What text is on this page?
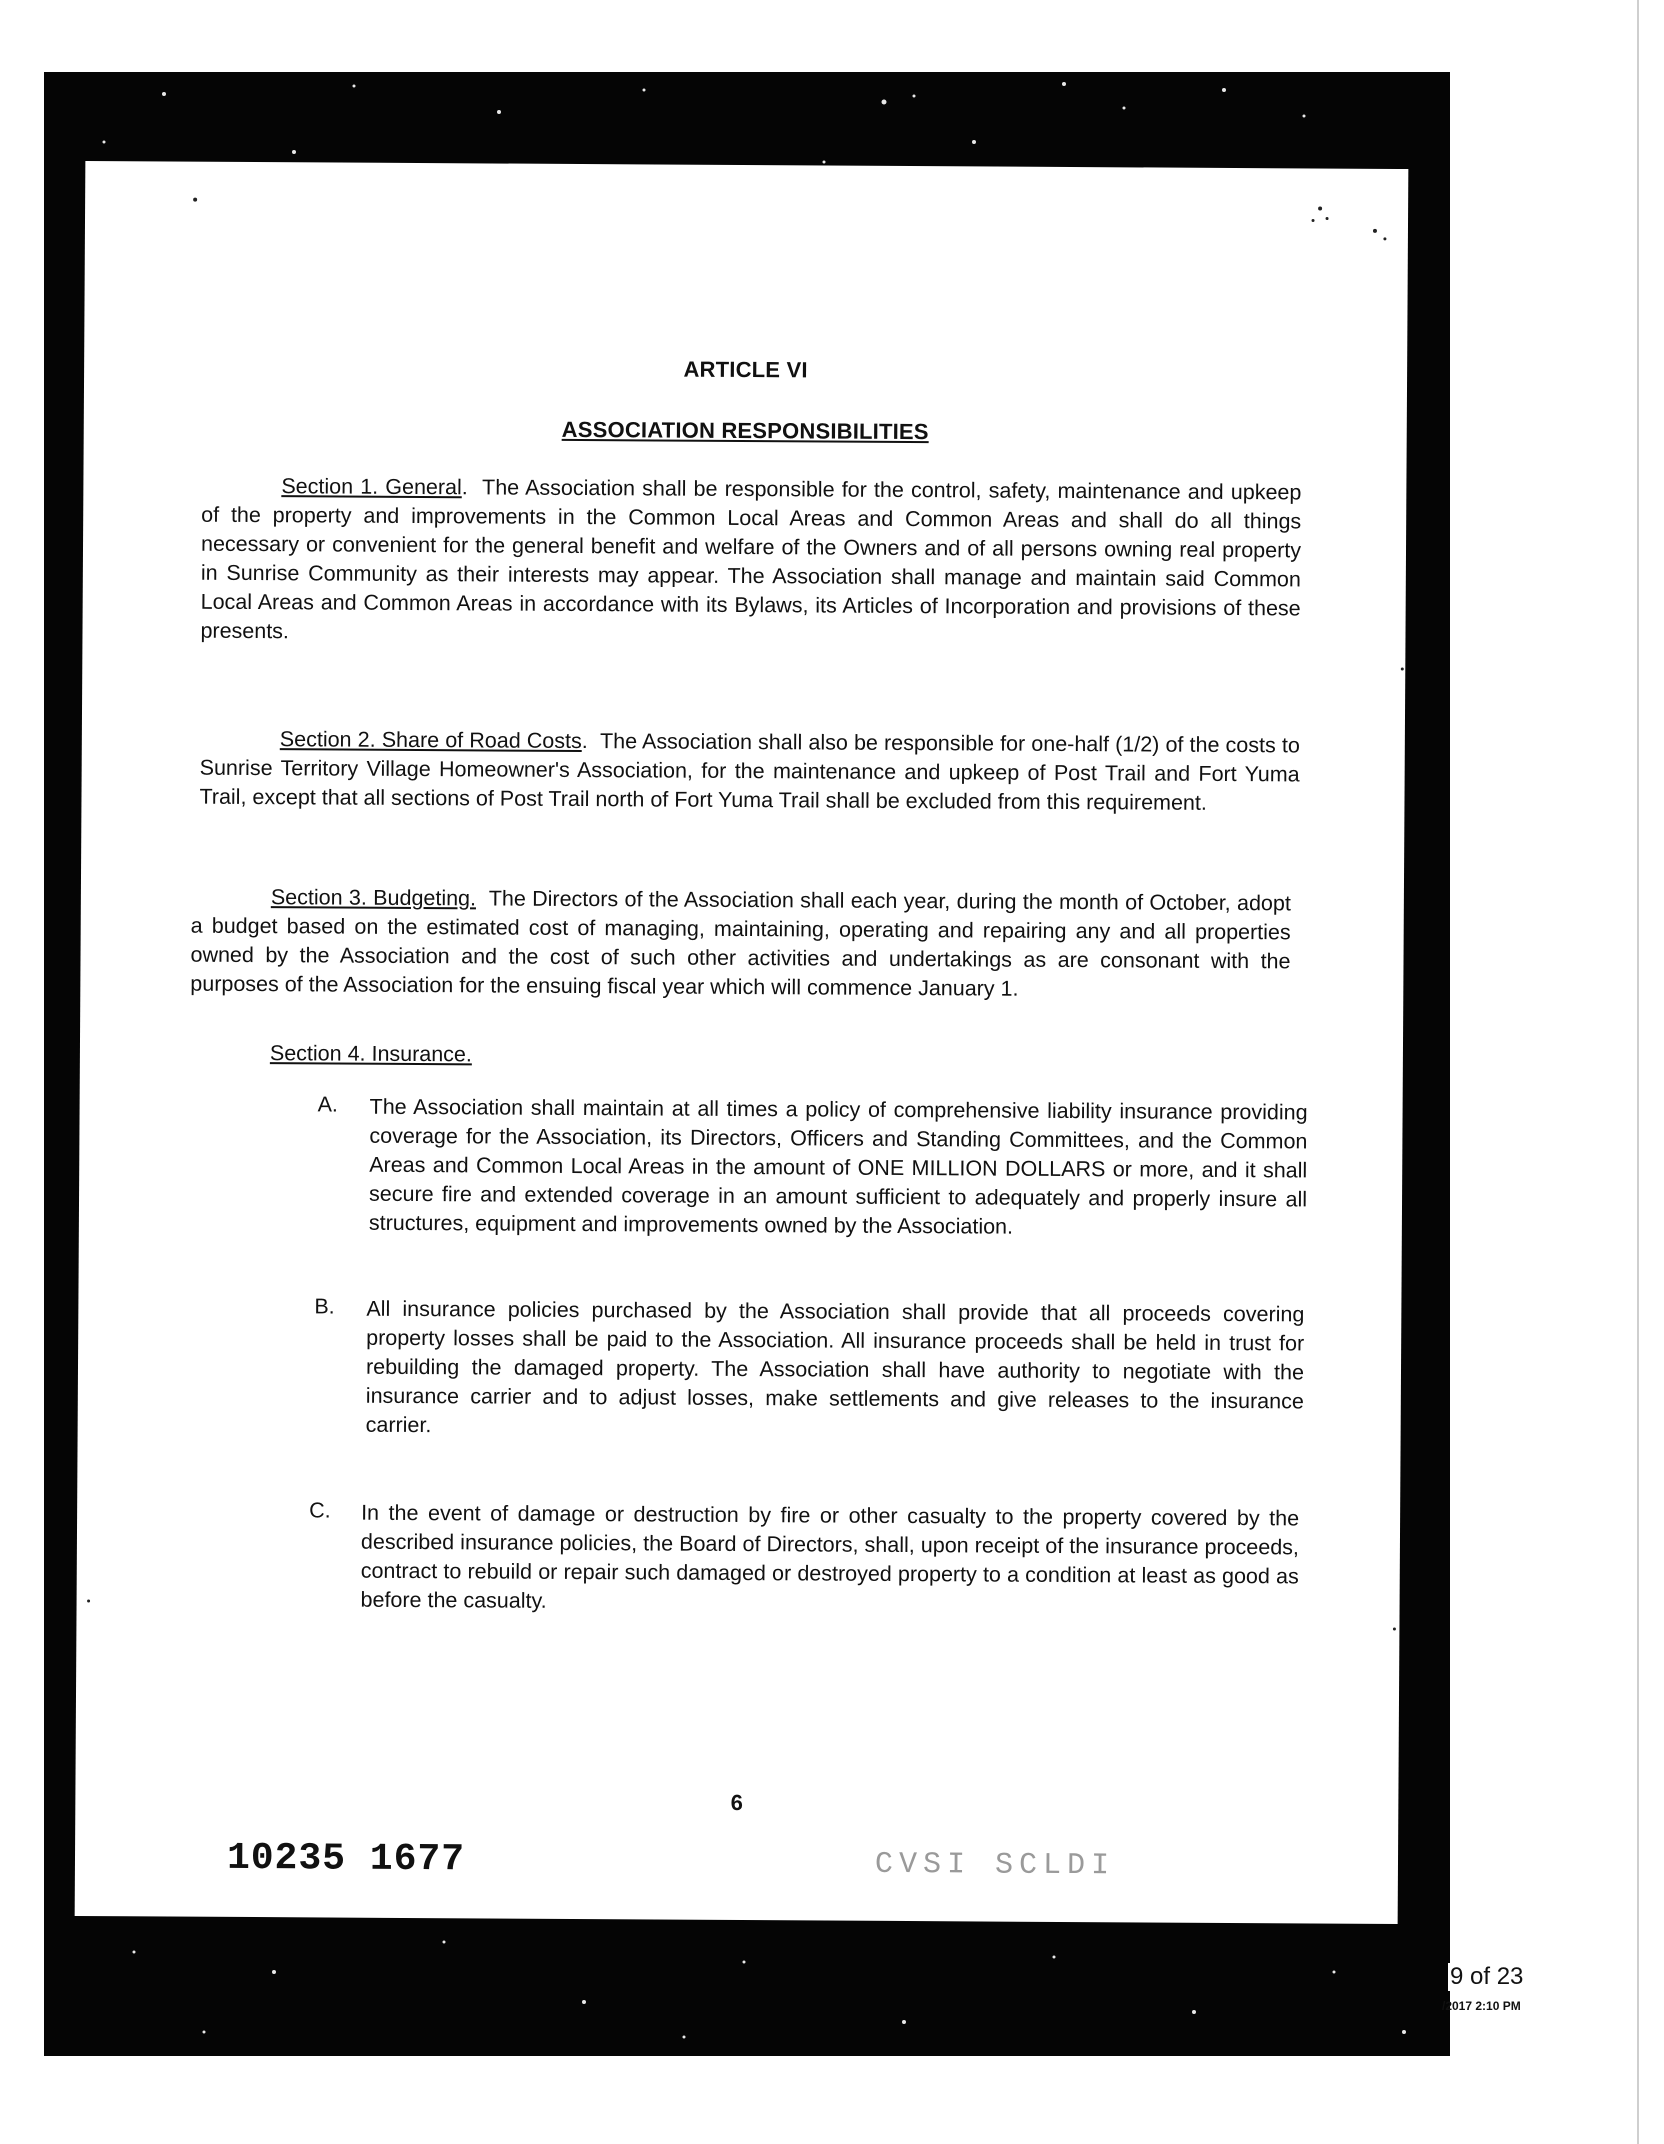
ARTICLE VI
ASSOCIATION RESPONSIBILITIES

Section 1. General.  The Association shall be responsible for the control, safety, maintenance and upkeep of the property and improvements in the Common Local Areas and Common Areas and shall do all things necessary or convenient for the general benefit and welfare of the Owners and of all persons owning real property in Sunrise Community as their interests may appear. The Association shall manage and maintain said Common Local Areas and Common Areas in accordance with its Bylaws, its Articles of Incorporation and provisions of these presents.

Section 2. Share of Road Costs.  The Association shall also be responsible for one-half (1/2) of the costs to Sunrise Territory Village Homeowner's Association, for the maintenance and upkeep of Post Trail and Fort Yuma Trail, except that all sections of Post Trail north of Fort Yuma Trail shall be excluded from this requirement.

Section 3. Budgeting. The Directors of the Association shall each year, during the month of October, adopt a budget based on the estimated cost of managing, maintaining, operating and repairing any and all properties owned by the Association and the cost of such other activities and undertakings as are consonant with the purposes of the Association for the ensuing fiscal year which will commence January 1.

Section 4. Insurance.

A. The Association shall maintain at all times a policy of comprehensive liability insurance providing coverage for the Association, its Directors, Officers and Standing Committees, and the Common Areas and Common Local Areas in the amount of ONE MILLION DOLLARS or more, and it shall secure fire and extended coverage in an amount sufficient to adequately and properly insure all structures, equipment and improvements owned by the Association.

B. All insurance policies purchased by the Association shall provide that all proceeds covering property losses shall be paid to the Association. All insurance proceeds shall be held in trust for rebuilding the damaged property. The Association shall have authority to negotiate with the insurance carrier and to adjust losses, make settlements and give releases to the insurance carrier.

C. In the event of damage or destruction by fire or other casualty to the property covered by the described insurance policies, the Board of Directors, shall, upon receipt of the insurance proceeds, contract to rebuild or repair such damaged or destroyed property to a condition at least as good as before the casualty.

6
10235 1677	CVSI SCLDI
9 of 23
/2017 2:10 PM
